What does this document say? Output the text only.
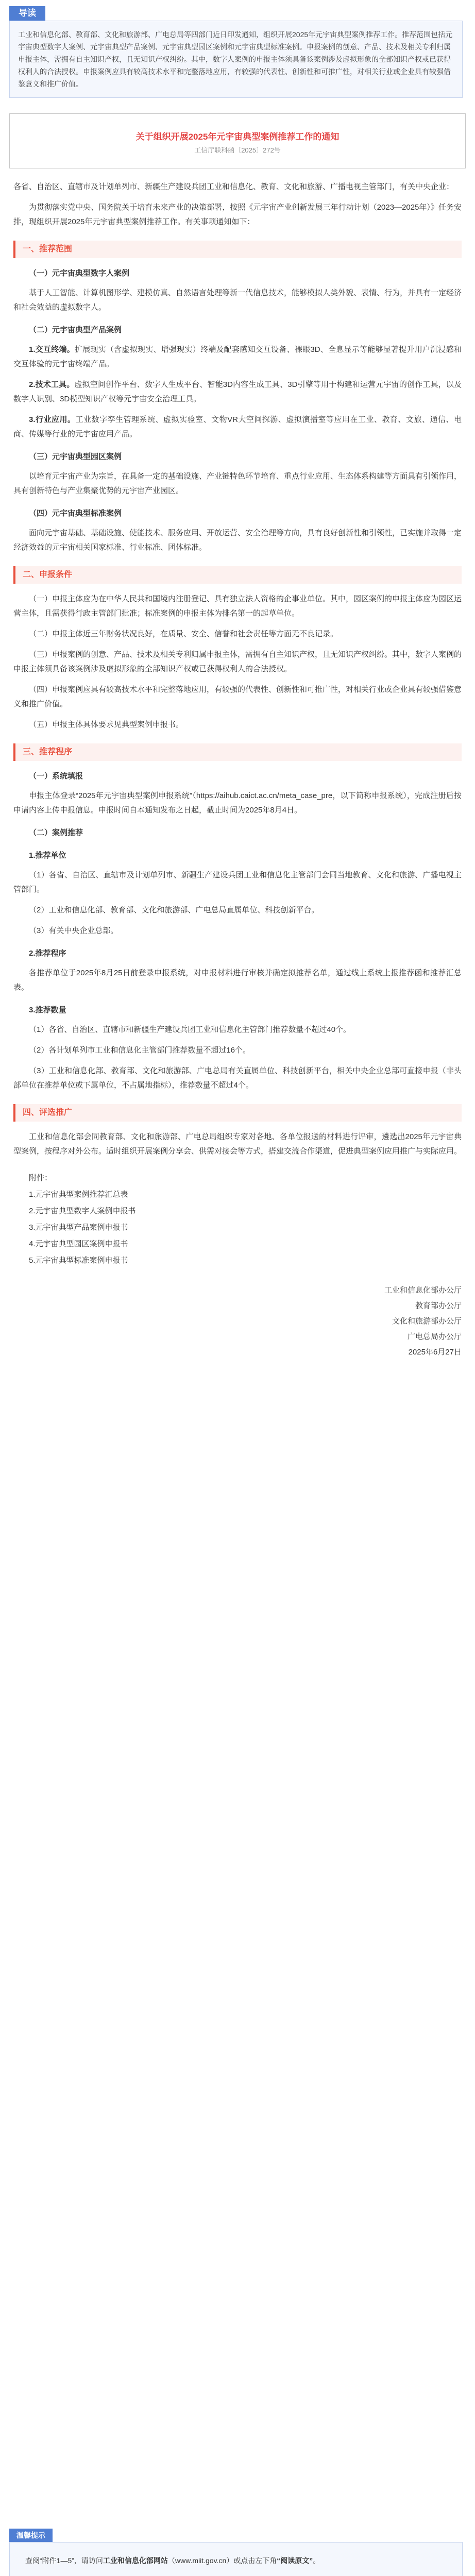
导读
工业和信息化部、教育部、文化和旅游部、广电总局等四部门近日印发通知，组织开展2025年元宇宙典型案例推荐工作。推荐范围包括元宇宙典型数字人案例、元宇宙典型产品案例、元宇宙典型园区案例和元宇宙典型标准案例。申报案例的创意、产品、技术及相关专利归属申报主体，需拥有自主知识产权，且无知识产权纠纷。其中，数字人案例的申报主体须具备该案例涉及虚拟形象的全部知识产权或已获得权利人的合法授权。申报案例应具有较高技术水平和完整落地应用，有较强的代表性、创新性和可推广性，对相关行业或企业具有较强借鉴意义和推广价值。
关于组织开展2025年元宇宙典型案例推荐工作的通知
工信厅联科函〔2025〕272号

各省、自治区、直辖市及计划单列市、新疆生产建设兵团工业和信息化、教育、文化和旅游、广播电视主管部门，有关中央企业：

为贯彻落实党中央、国务院关于培育未来产业的决策部署，按照《元宇宙产业创新发展三年行动计划（2023—2025年）》任务安排，现组织开展2025年元宇宙典型案例推荐工作。有关事项通知如下：

一、推荐范围
（一）元宇宙典型数字人案例

基于人工智能、计算机图形学、建模仿真、自然语言处理等新一代信息技术，能够模拟人类外貌、表情、行为，并具有一定经济和社会效益的虚拟数字人。

（二）元宇宙典型产品案例

1.交互终端。扩展现实（含虚拟现实、增强现实）终端及配套感知交互设备、裸眼3D、全息显示等能够显著提升用户沉浸感和交互体验的元宇宙终端产品。

2.技术工具。虚拟空间创作平台、数字人生成平台、智能3D内容生成工具、3D引擎等用于构建和运营元宇宙的创作工具，以及数字人识别、3D模型知识产权等元宇宙安全治理工具。

3.行业应用。工业数字孪生管理系统、虚拟实验室、文物VR大空间探游、虚拟演播室等应用在工业、教育、文旅、通信、电商、传媒等行业的元宇宙应用产品。

（三）元宇宙典型园区案例

以培育元宇宙产业为宗旨，在具备一定的基础设施、产业链特色环节培育、重点行业应用、生态体系构建等方面具有引领作用，具有创新特色与产业集聚优势的元宇宙产业园区。

（四）元宇宙典型标准案例

面向元宇宙基础、基础设施、使能技术、服务应用、开放运营、安全治理等方向，具有良好创新性和引领性，已实施并取得一定经济效益的元宇宙相关国家标准、行业标准、团体标准。

二、申报条件

（一）申报主体应为在中华人民共和国境内注册登记、具有独立法人资格的企事业单位。其中，园区案例的申报主体应为园区运营主体，且需获得行政主管部门批准；标准案例的申报主体为排名第一的起草单位。

（二）申报主体近三年财务状况良好，在质量、安全、信誉和社会责任等方面无不良记录。

（三）申报案例的创意、产品、技术及相关专利归属申报主体，需拥有自主知识产权，且无知识产权纠纷。其中，数字人案例的申报主体须具备该案例涉及虚拟形象的全部知识产权或已获得权利人的合法授权。

（四）申报案例应具有较高技术水平和完整落地应用，有较强的代表性、创新性和可推广性，对相关行业或企业具有较强借鉴意义和推广价值。

（五）申报主体具体要求见典型案例申报书。

三、推荐程序
（一）系统填报

申报主体登录“2025年元宇宙典型案例申报系统”（https://aihub.caict.ac.cn/meta_case_pre，以下简称申报系统），完成注册后按申请内容上传申报信息。申报时间自本通知发布之日起，截止时间为2025年8月4日。

（二）案例推荐
1.推荐单位

（1）各省、自治区、直辖市及计划单列市、新疆生产建设兵团工业和信息化主管部门会同当地教育、文化和旅游、广播电视主管部门。

（2）工业和信息化部、教育部、文化和旅游部、广电总局直属单位、科技创新平台。

（3）有关中央企业总部。

2.推荐程序

各推荐单位于2025年8月25日前登录申报系统，对申报材料进行审核并确定拟推荐名单，通过线上系统上报推荐函和推荐汇总表。

3.推荐数量

（1）各省、自治区、直辖市和新疆生产建设兵团工业和信息化主管部门推荐数量不超过40个。

（2）各计划单列市工业和信息化主管部门推荐数量不超过16个。

（3）工业和信息化部、教育部、文化和旅游部、广电总局有关直属单位、科技创新平台，相关中央企业总部可直接申报（非头部单位在推荐单位或下属单位，不占属地指标），推荐数量不超过4个。

四、评选推广

工业和信息化部会同教育部、文化和旅游部、广电总局组织专家对各地、各单位报送的材料进行评审，遴选出2025年元宇宙典型案例，按程序对外公布。适时组织开展案例分享会、供需对接会等方式，搭建交流合作渠道，促进典型案例应用推广与实际应用。

附件：

1.元宇宙典型案例推荐汇总表

2.元宇宙典型数字人案例申报书

3.元宇宙典型产品案例申报书

4.元宇宙典型园区案例申报书

5.元宇宙典型标准案例申报书

工业和信息化部办公厅

教育部办公厅

文化和旅游部办公厅

广电总局办公厅

2025年6月27日

温馨提示
查阅“附件1—5”，请访问工业和信息化部网站（www.miit.gov.cn）或点击左下角“阅读原文”。
